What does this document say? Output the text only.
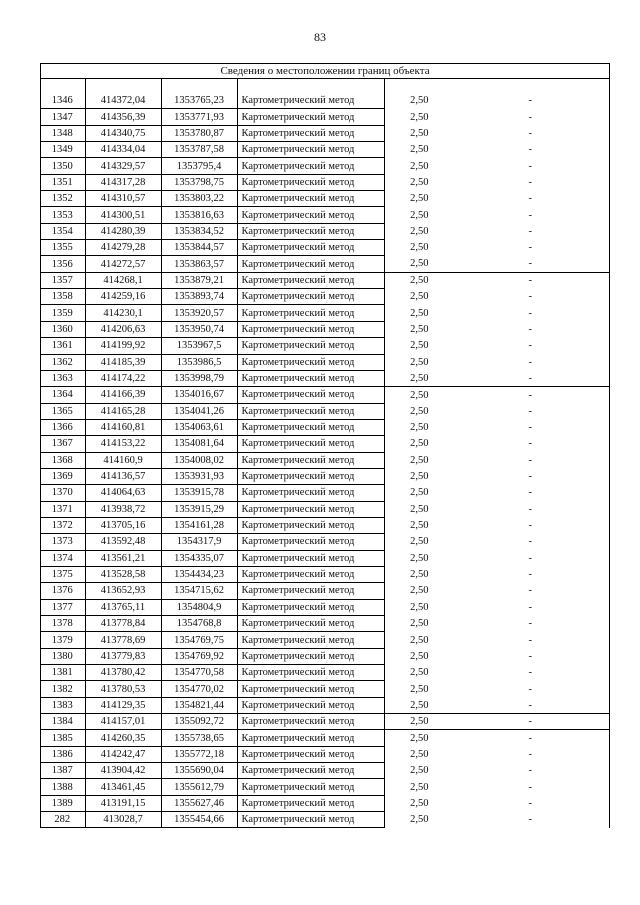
83
Сведения о местоположении границ объекта					

1346	414372,04	1353765,23	Картометрический метод	2,50	-
1347	414356,39	1353771,93	Картометрический метод	2,50	-
1348	414340,75	1353780,87	Картометрический метод	2,50	-
1349	414334,04	1353787,58	Картометрический метод	2,50	-
1350	414329,57	1353795,4	Картометрический метод	2,50	-
1351	414317,28	1353798,75	Картометрический метод	2,50	-
1352	414310,57	1353803,22	Картометрический метод	2,50	-
1353	414300,51	1353816,63	Картометрический метод	2,50	-
1354	414280,39	1353834,52	Картометрический метод	2,50	-
1355	414279,28	1353844,57	Картометрический метод	2,50	-
1356	414272,57	1353863,57	Картометрический метод	2,50	-
1357	414268,1	1353879,21	Картометрический метод	2,50	-
1358	414259,16	1353893,74	Картометрический метод	2,50	-
1359	414230,1	1353920,57	Картометрический метод	2,50	-
1360	414206,63	1353950,74	Картометрический метод	2,50	-
1361	414199,92	1353967,5	Картометрический метод	2,50	-
1362	414185,39	1353986,5	Картометрический метод	2,50	-
1363	414174,22	1353998,79	Картометрический метод	2,50	-
1364	414166,39	1354016,67	Картометрический метод	2,50	-
1365	414165,28	1354041,26	Картометрический метод	2,50	-
1366	414160,81	1354063,61	Картометрический метод	2,50	-
1367	414153,22	1354081,64	Картометрический метод	2,50	-
1368	414160,9	1354008,02	Картометрический метод	2,50	-
1369	414136,57	1353931,93	Картометрический метод	2,50	-
1370	414064,63	1353915,78	Картометрический метод	2,50	-
1371	413938,72	1353915,29	Картометрический метод	2,50	-
1372	413705,16	1354161,28	Картометрический метод	2,50	-
1373	413592,48	1354317,9	Картометрический метод	2,50	-
1374	413561,21	1354335,07	Картометрический метод	2,50	-
1375	413528,58	1354434,23	Картометрический метод	2,50	-
1376	413652,93	1354715,62	Картометрический метод	2,50	-
1377	413765,11	1354804,9	Картометрический метод	2,50	-
1378	413778,84	1354768,8	Картометрический метод	2,50	-
1379	413778,69	1354769,75	Картометрический метод	2,50	-
1380	413779,83	1354769,92	Картометрический метод	2,50	-
1381	413780,42	1354770,58	Картометрический метод	2,50	-
1382	413780,53	1354770,02	Картометрический метод	2,50	-
1383	414129,35	1354821,44	Картометрический метод	2,50	-
1384	414157,01	1355092,72	Картометрический метод	2,50	-
1385	414260,35	1355738,65	Картометрический метод	2,50	-
1386	414242,47	1355772,18	Картометрический метод	2,50	-
1387	413904,42	1355690,04	Картометрический метод	2,50	-
1388	413461,45	1355612,79	Картометрический метод	2,50	-
1389	413191,15	1355627,46	Картометрический метод	2,50	-
282	413028,7	1355454,66	Картометрический метод	2,50	-
